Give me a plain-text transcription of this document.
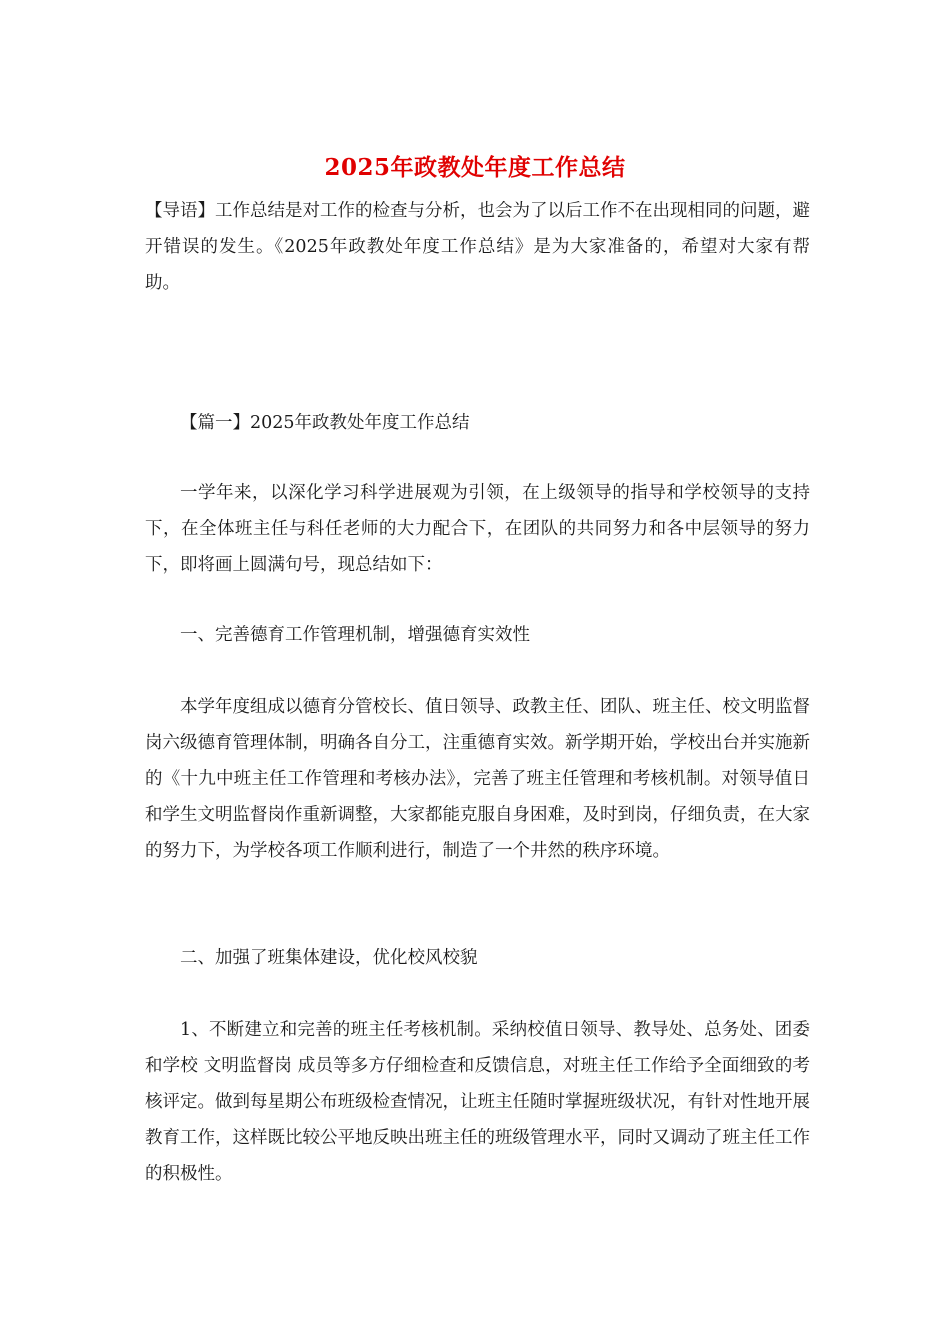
2025年政教处年度工作总结

【导语】工作总结是对工作的检查与分析，也会为了以后工作不在出现相同的问题，避开错误的发生。《2025年政教处年度工作总结》是为大家准备的，希望对大家有帮助。

【篇一】2025年政教处年度工作总结

一学年来，以深化学习科学进展观为引领，在上级领导的指导和学校领导的支持下，在全体班主任与科任老师的大力配合下，在团队的共同努力和各中层领导的努力下，即将画上圆满句号，现总结如下：

一、完善德育工作管理机制，增强德育实效性

本学年度组成以德育分管校长、值日领导、政教主任、团队、班主任、校文明监督岗六级德育管理体制，明确各自分工，注重德育实效。新学期开始，学校出台并实施新的《十九中班主任工作管理和考核办法》，完善了班主任管理和考核机制。对领导值日和学生文明监督岗作重新调整，大家都能克服自身困难，及时到岗，仔细负责，在大家的努力下，为学校各项工作顺利进行，制造了一个井然的秩序环境。

二、加强了班集体建设，优化校风校貌

1、不断建立和完善的班主任考核机制。采纳校值日领导、教导处、总务处、团委和学校 文明监督岗 成员等多方仔细检查和反馈信息，对班主任工作给予全面细致的考核评定。做到每星期公布班级检查情况，让班主任随时掌握班级状况，有针对性地开展教育工作，这样既比较公平地反映出班主任的班级管理水平，同时又调动了班主任工作的积极性。
